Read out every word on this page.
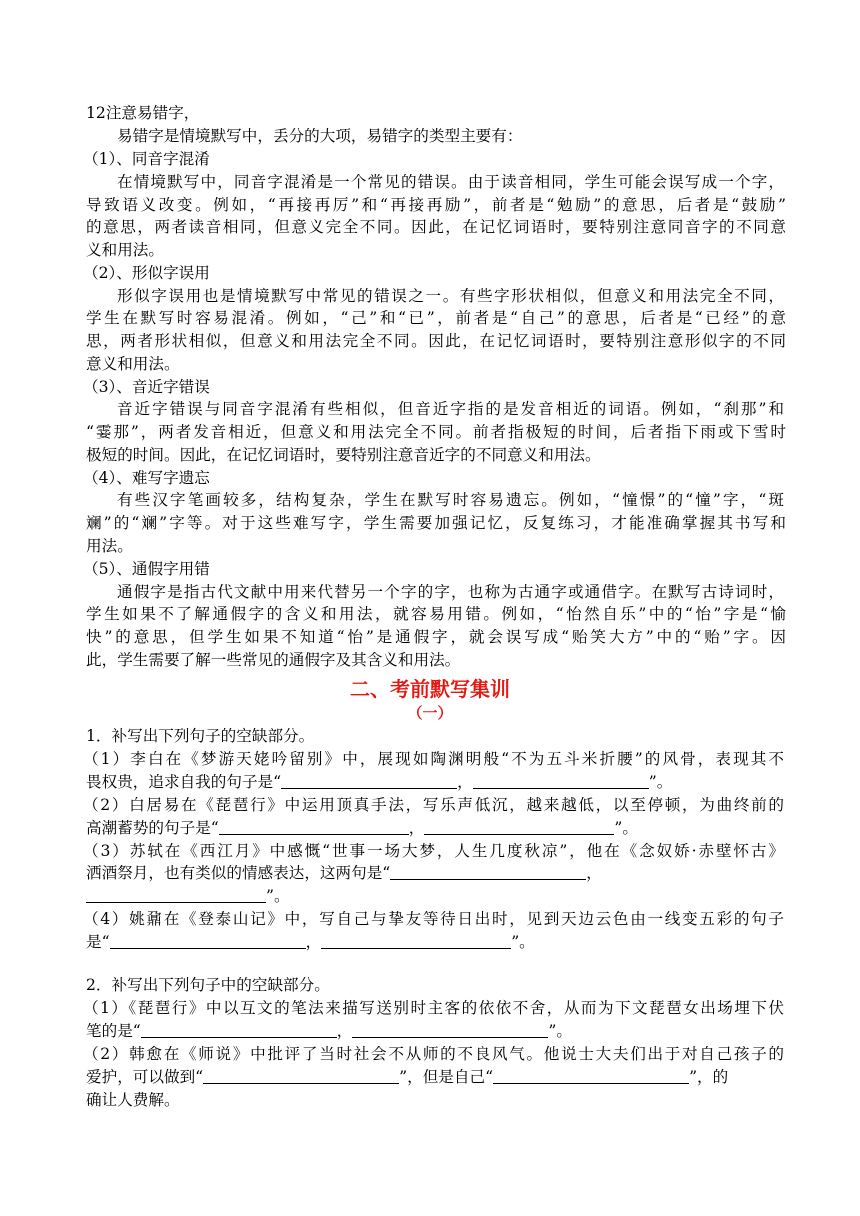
12注意易错字，
易错字是情境默写中，丢分的大项，易错字的类型主要有：
（1）、同音字混淆
在情境默写中，同音字混淆是一个常见的错误。由于读音相同，学生可能会误写成一个字，
导致语义改变。例如，“再接再厉”和“再接再励”，前者是“勉励”的意思，后者是“鼓励”
的意思，两者读音相同，但意义完全不同。因此，在记忆词语时，要特别注意同音字的不同意
义和用法。
（2）、形似字误用
形似字误用也是情境默写中常见的错误之一。有些字形状相似，但意义和用法完全不同，
学生在默写时容易混淆。例如，“己”和“已”，前者是“自己”的意思，后者是“已经”的意
思，两者形状相似，但意义和用法完全不同。因此，在记忆词语时，要特别注意形似字的不同
意义和用法。
（3）、音近字错误
音近字错误与同音字混淆有些相似，但音近字指的是发音相近的词语。例如，“刹那”和
“霎那”，两者发音相近，但意义和用法完全不同。前者指极短的时间，后者指下雨或下雪时
极短的时间。因此，在记忆词语时，要特别注意音近字的不同意义和用法。
（4）、难写字遗忘
有些汉字笔画较多，结构复杂，学生在默写时容易遗忘。例如，“憧憬”的“憧”字，“斑
斓”的“斓”字等。对于这些难写字，学生需要加强记忆，反复练习，才能准确掌握其书写和
用法。
（5）、通假字用错
通假字是指古代文献中用来代替另一个字的字，也称为古通字或通借字。在默写古诗词时，
学生如果不了解通假字的含义和用法，就容易用错。例如，“怡然自乐”中的“怡”字是“愉
快”的意思，但学生如果不知道“怡”是通假字，就会误写成“贻笑大方”中的“贻”字。因
此，学生需要了解一些常见的通假字及其含义和用法。
二、考前默写集训
（一）
1．补写出下列句子的空缺部分。
（1）李白在《梦游天姥吟留别》中，展现如陶渊明般“不为五斗米折腰”的风骨，表现其不
畏权贵，追求自我的句子是“	，	”。
（2）白居易在《琵琶行》中运用顶真手法，写乐声低沉，越来越低，以至停顿，为曲终前的
高潮蓄势的句子是“	，	”。
（3）苏轼在《西江月》中感慨“世事一场大梦，人生几度秋凉”，他在《念奴娇·赤壁怀古》
洒酒祭月，也有类似的情感表达，这两句是“	，
”。
（4）姚鼐在《登泰山记》中，写自己与挚友等待日出时，见到天边云色由一线变五彩的句子
是“	，	”。
2．补写出下列句子中的空缺部分。
（1）《琵琶行》中以互文的笔法来描写送别时主客的依依不舍，从而为下文琵琶女出场埋下伏
笔的是“	，	”。
（2）韩愈在《师说》中批评了当时社会不从师的不良风气。他说士大夫们出于对自己孩子的
爱护，可以做到“	”，但是自己“	”，的
确让人费解。
